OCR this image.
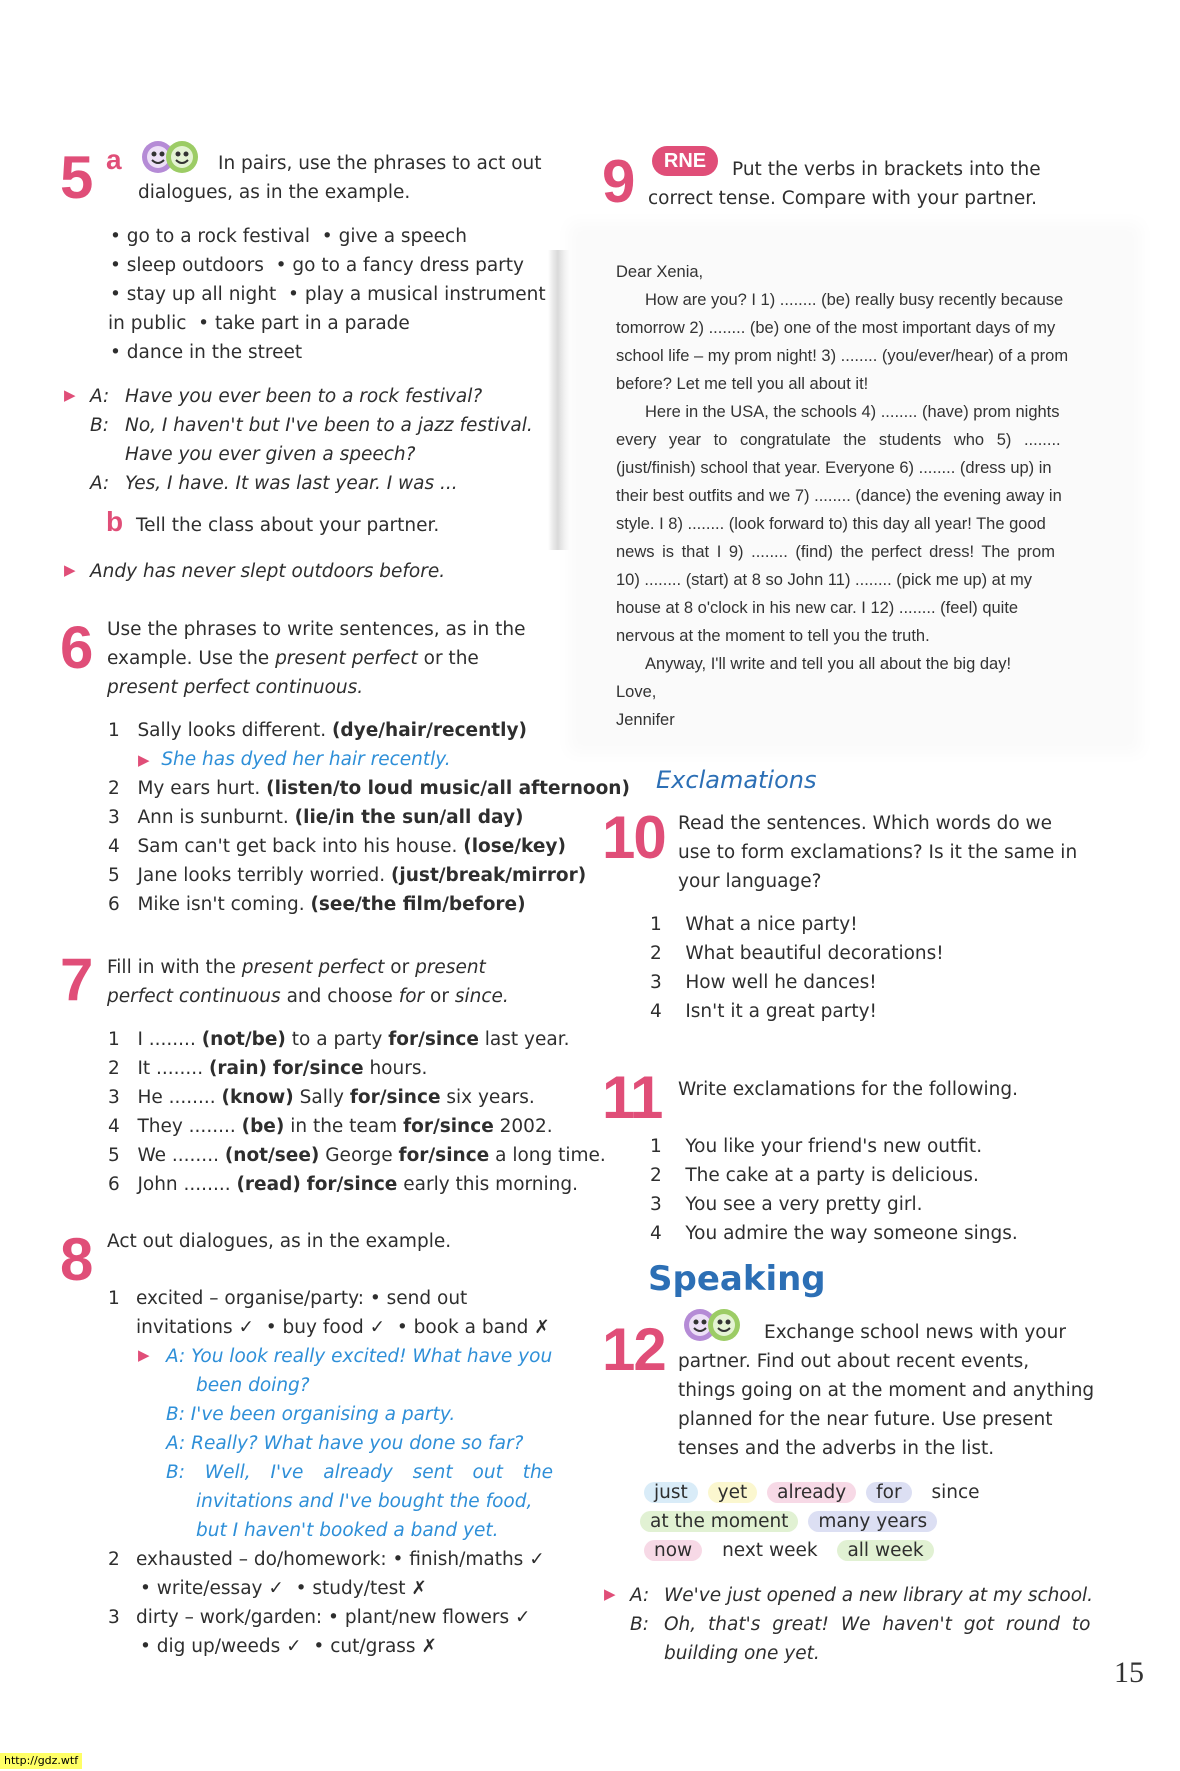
5 a	In pairs, use the phrases to act out
dialogues, as in the example.
• go to a rock festival  • give a speech
• sleep outdoors  • go to a fancy dress party
• stay up all night  • play a musical instrument
in public  • take part in a parade
• dance in the street
▶ A: Have you ever been to a rock festival?
B: No, I haven't but I've been to a jazz festival.
Have you ever given a speech?
A: Yes, I have. It was last year. I was ...
b Tell the class about your partner.
▶ Andy has never slept outdoors before.
6 Use the phrases to write sentences, as in the
example. Use the present perfect or the
present perfect continuous.
1 Sally looks different. (dye/hair/recently)
▶ She has dyed her hair recently.
2 My ears hurt. (listen/to loud music/all afternoon)
3 Ann is sunburnt. (lie/in the sun/all day)
4 Sam can't get back into his house. (lose/key)
5 Jane looks terribly worried. (just/break/mirror)
6 Mike isn't coming. (see/the film/before)
7 Fill in with the present perfect or present
perfect continuous and choose for or since.
1 I ........ (not/be) to a party for/since last year.
2 It ........ (rain) for/since hours.
3 He ........ (know) Sally for/since six years.
4 They ........ (be) in the team for/since 2002.
5 We ........ (not/see) George for/since a long time.
6 John ........ (read) for/since early this morning.
8 Act out dialogues, as in the example.
1 excited – organise/party: • send out
invitations ✓  • buy food ✓  • book a band ✗
▶ A: You look really excited! What have you
been doing?
B: I've been organising a party.
A: Really? What have you done so far?
B: Well, I've already sent out the
invitations and I've bought the food,
but I haven't booked a band yet.
2 exhausted – do/homework: • finish/maths ✓
• write/essay ✓  • study/test ✗
3 dirty – work/garden: • plant/new flowers ✓
• dig up/weeds ✓  • cut/grass ✗
9	RNE	Put the verbs in brackets into the
correct tense. Compare with your partner.
Dear Xenia,
How are you? I 1) ........ (be) really busy recently because
tomorrow 2) ........ (be) one of the most important days of my
school life – my prom night! 3) ........ (you/ever/hear) of a prom
before? Let me tell you all about it!
Here in the USA, the schools 4) ........ (have) prom nights
every year to congratulate the students who 5) ........
(just/finish) school that year. Everyone 6) ........ (dress up) in
their best outfits and we 7) ........ (dance) the evening away in
style. I 8) ........ (look forward to) this day all year! The good
news is that I 9) ........ (find) the perfect dress! The prom
10) ........ (start) at 8 so John 11) ........ (pick me up) at my
house at 8 o'clock in his new car. I 12) ........ (feel) quite
nervous at the moment to tell you the truth.
Anyway, I'll write and tell you all about the big day!
Love,
Jennifer
Exclamations
10 Read the sentences. Which words do we
use to form exclamations? Is it the same in
your language?
1 What a nice party!
2 What beautiful decorations!
3 How well he dances!
4 Isn't it a great party!
11 Write exclamations for the following.
1 You like your friend's new outfit.
2 The cake at a party is delicious.
3 You see a very pretty girl.
4 You admire the way someone sings.
Speaking
12	Exchange school news with your
partner. Find out about recent events,
things going on at the moment and anything
planned for the near future. Use present
tenses and the adverbs in the list.
just yet already for since
at the moment many years
now next week all week
▶ A: We've just opened a new library at my school.
B: Oh, that's great! We haven't got round to
building one yet.
15
http://gdz.wtf
